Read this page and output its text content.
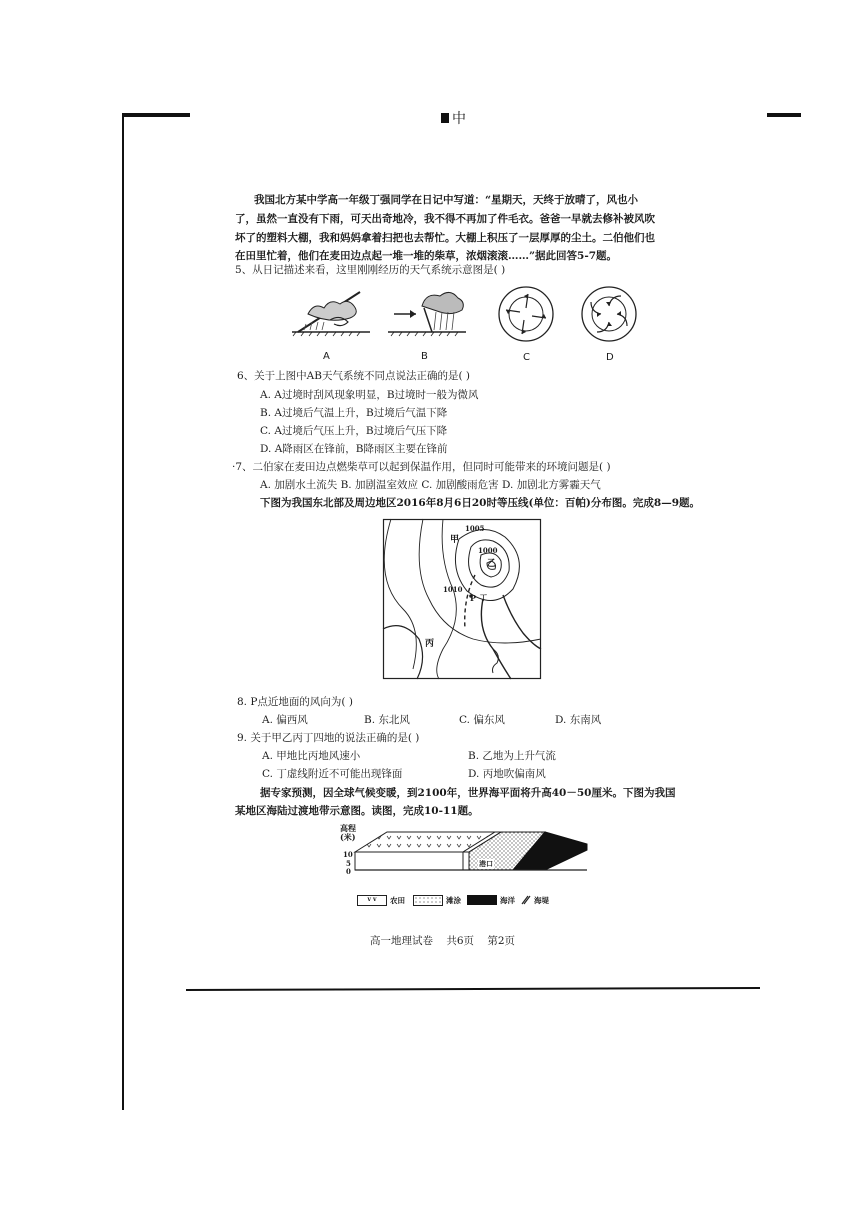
中
我国北方某中学高一年级丁强同学在日记中写道：“星期天，天终于放晴了，风也小
了，虽然一直没有下雨，可天出奇地冷，我不得不再加了件毛衣。爸爸一早就去修补被风吹
坏了的塑料大棚，我和妈妈拿着扫把也去帮忙。大棚上积压了一层厚厚的尘土。二伯他们也
在田里忙着，他们在麦田边点起一堆一堆的柴草，浓烟滚滚……”据此回答5-7题。
5、从日记描述来看，这里刚刚经历的天气系统示意图是( )
A	B	C	D
6、关于上图中AB天气系统不同点说法正确的是( )
A. A过境时刮风现象明显，B过境时一般为微风
B. A过境后气温上升，B过境后气温下降
C. A过境后气压上升，B过境后气压下降
D. A降雨区在锋前，B降雨区主要在锋前
·7、二伯家在麦田边点燃柴草可以起到保温作用，但同时可能带来的环境问题是( )
A. 加剧水土流失 B. 加剧温室效应 C. 加剧酸雨危害 D. 加剧北方雾霾天气
下图为我国东北部及周边地区2016年8月6日20时等压线(单位：百帕)分布图。完成8—9题。
1005
1000
1010
甲
乙
丙
丁
P
8. P点近地面的风向为( )
A. 偏西风	B. 东北风	C. 偏东风	D. 东南风
9. 关于甲乙丙丁四地的说法正确的是( )
A. 甲地比丙地风速小	B. 乙地为上升气流
C. 丁虚线附近不可能出现锋面	D. 丙地吹偏南风
据专家预测，因全球气候变暖，到2100年，世界海平面将升高40－50厘米。下图为我国
某地区海陆过渡地带示意图。读图，完成10-11题。
高程
(米)
10
5
0
港口
v v	农田	滩涂	海洋	海堤
高一地理试卷    共6页    第2页
